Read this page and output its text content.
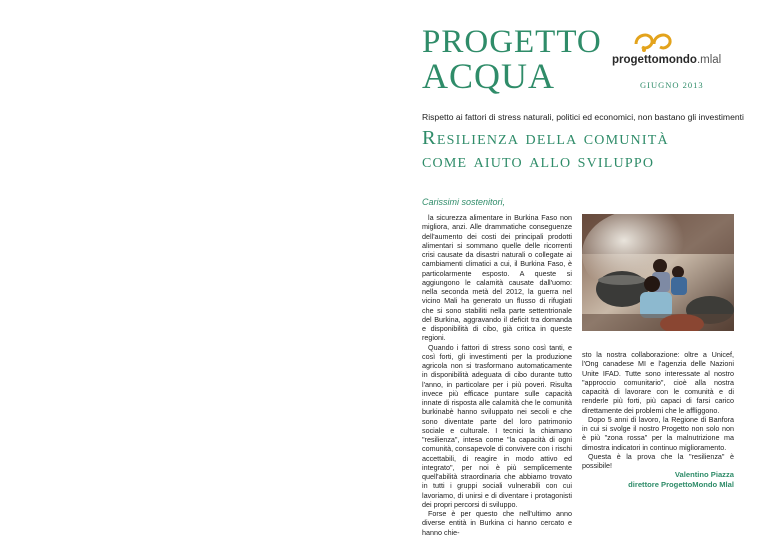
PROGETTO
ACQUA	progettomondo.mlal
GIUGNO 2013
Rispetto ai fattori di stress naturali, politici ed economici, non bastano gli investimenti
Resilienza della comunità
come aiuto allo sviluppo
Carissimi sostenitori,

la sicurezza alimentare in Burkina Faso non migliora, anzi. Alle drammatiche conseguenze dell'aumento dei costi dei principali prodotti alimentari si sommano quelle delle ricorrenti crisi causate da disastri naturali o collegate ai cambiamenti climatici a cui, il Burkina Faso, è particolarmente esposto. A queste si aggiungono le calamità causate dall'uomo: nella seconda metà del 2012, la guerra nel vicino Mali ha generato un flusso di rifugiati che si sono stabiliti nella parte settentrionale del Burkina, aggravando il deficit tra domanda e disponibilità di cibo, già critica in queste regioni.

Quando i fattori di stress sono così tanti, e così forti, gli investimenti per la produzione agricola non si trasformano automaticamente in disponibilità adeguata di cibo durante tutto l'anno, in particolare per i più poveri. Risulta invece più efficace puntare sulle capacità innate di risposta alle calamità che le comunità burkinabè hanno sviluppato nei secoli e che sono diventate parte del loro patrimonio sociale e culturale. I tecnici la chiamano "resilienza", intesa come "la capacità di ogni comunità, consapevole di convivere con i rischi accettabili, di reagire in modo attivo ed integrato", per noi è più semplicemente quell'abilità straordinaria che abbiamo trovato in tutti i gruppi sociali vulnerabili con cui lavoriamo, di unirsi e di diventare i protagonisti dei propri percorsi di sviluppo.

Forse è per questo che nell'ultimo anno diverse entità in Burkina ci hanno cercato e hanno chie-

sto la nostra collaborazione: oltre a Unicef, l'Ong canadese MI e l'agenzia delle Nazioni Unite IFAD. Tutte sono interessate al nostro "approccio comunitario", cioè alla nostra capacità di lavorare con le comunità e di renderle più forti, più capaci di farsi carico direttamente dei problemi che le affliggono.

Dopo 5 anni di lavoro, la Regione di Banfora in cui si svolge il nostro Progetto non solo non è più "zona rossa" per la malnutrizione ma dimostra indicatori in continuo miglioramento.

Questa è la prova che la "resilienza" è possibile!

Valentino Piazza
direttore ProgettoMondo Mlal
